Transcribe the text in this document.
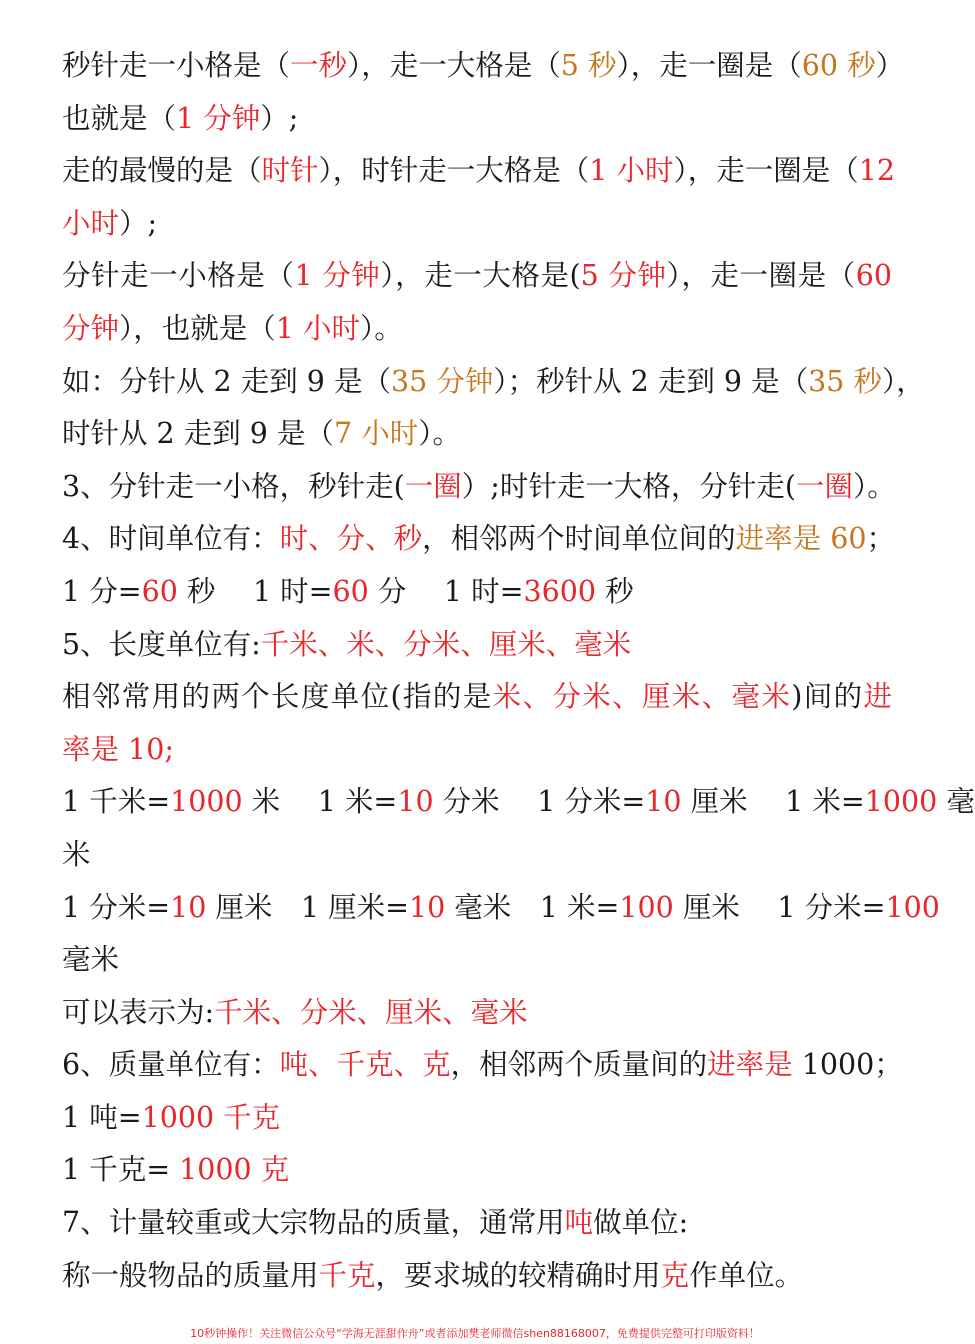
秒针走一小格是（一秒），走一大格是（5 秒），走一圈是（60 秒）
也就是（1 分钟）;
走的最慢的是（时针），时针走一大格是（1 小时），走一圈是（12
小时）;
分针走一小格是（1 分钟），走一大格是(5 分钟），走一圈是（60
分钟），也就是（1 小时）。
如：分针从 2 走到 9 是（35 分钟）；秒针从 2 走到 9 是（35 秒），
时针从 2 走到 9 是（7 小时）。
3、分针走一小格，秒针走(一圈）;时针走一大格，分针走(一圈）。
4、时间单位有：时、分、秒，相邻两个时间单位间的进率是 60；
1 分=60 秒　 1 时=60 分　 1 时=3600 秒
5、长度单位有:千米、米、分米、厘米、毫米
相邻常用的两个长度单位(指的是米、分米、厘米、毫米)间的进
率是 10;
1 千米=1000 米　 1 米=10 分米　 1 分米=10 厘米　 1 米=1000 毫
米
1 分米=10 厘米　1 厘米=10 毫米　1 米=100 厘米　 1 分米=100　
毫米
可以表示为:千米、分米、厘米、毫米
6、质量单位有：吨、千克、克，相邻两个质量间的进率是 1000；
1 吨=1000 千克
1 千克= 1000 克
7、计量较重或大宗物品的质量，通常用吨做单位:
称一般物品的质量用千克，要求城的较精确时用克作单位。
10秒钟操作！关注微信公众号“学海无涯甜作舟”或者添加樊老师微信shen88168007，免费提供完整可打印版资料！
